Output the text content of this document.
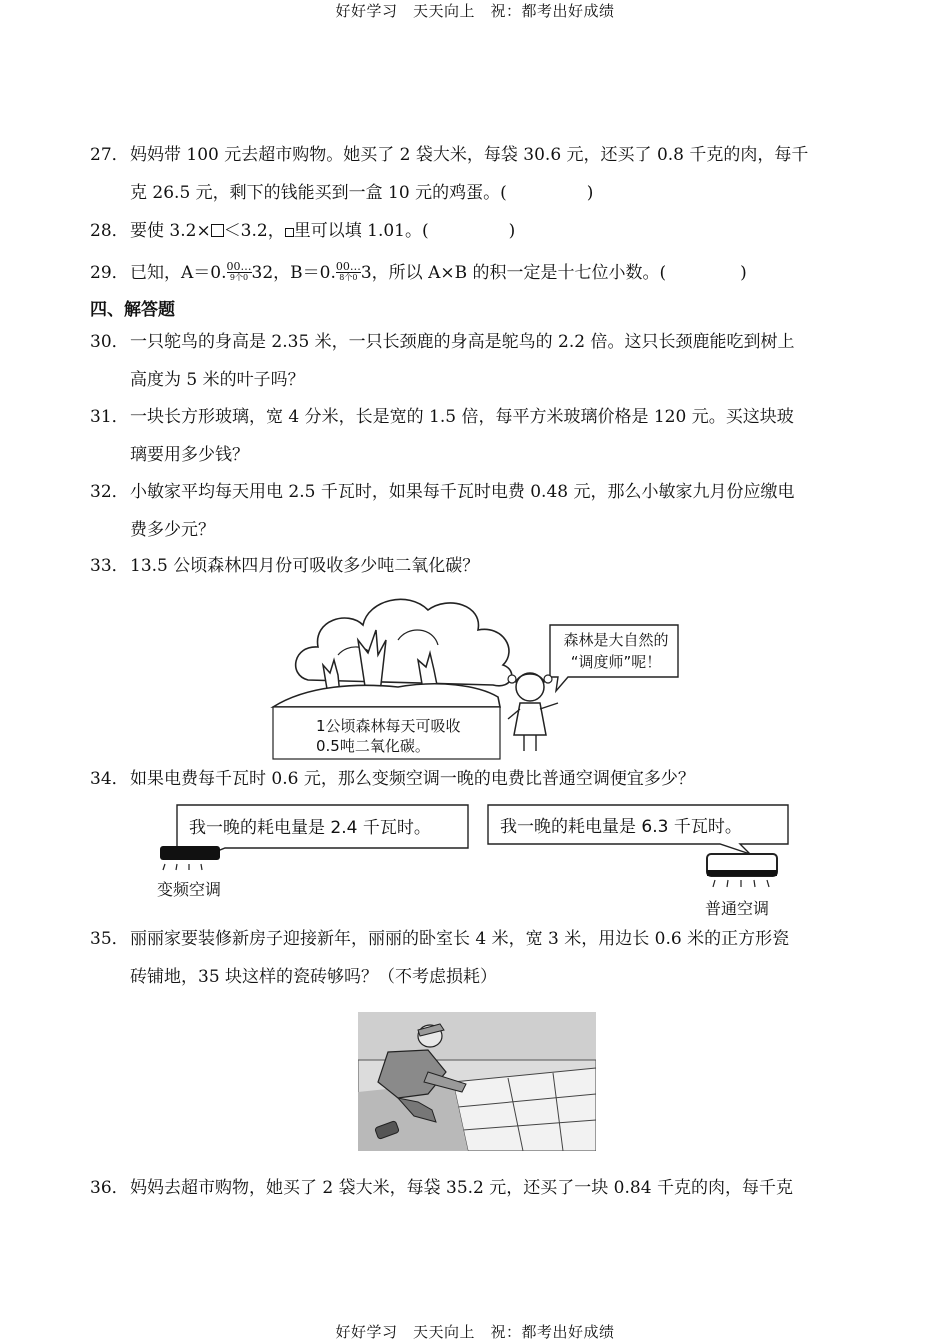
好好学习　天天向上　祝：都考出好成绩
好好学习　天天向上　祝：都考出好成绩
27．妈妈带 100 元去超市购物。她买了 2 袋大米，每袋 30.6 元，还买了 0.8 千克的肉，每千
克 26.5 元，剩下的钱能买到一盒 10 元的鸡蛋。(	)
28．要使 3.2× ＜3.2， 里可以填 1.01。(	)
29．已知，A＝0. $\frac{00\dots}{\text{9个0}} 32$，B＝0. $\frac{00\dots}{\text{8个0}} 3$，所以 A×B 的积一定是十七位小数。(	)
四、解答题
30．一只鸵鸟的身高是 2.35 米，一只长颈鹿的身高是鸵鸟的 2.2 倍。这只长颈鹿能吃到树上
高度为 5 米的叶子吗？
31．一块长方形玻璃，宽 4 分米，长是宽的 1.5 倍，每平方米玻璃价格是 120 元。买这块玻
璃要用多少钱？
32．小敏家平均每天用电 2.5 千瓦时，如果每千瓦时电费 0.48 元，那么小敏家九月份应缴电
费多少元？
33．13.5 公顷森林四月份可吸收多少吨二氧化碳？
1公顷森林每天可吸收
0.5吨二氧化碳。
森林是大自然的
“调度师”呢！
34．如果电费每千瓦时 0.6 元，那么变频空调一晚的电费比普通空调便宜多少？
我一晚的耗电量是 2.4 千瓦时。	我一晚的耗电量是 6.3 千瓦时。
变频空调
普通空调
35．丽丽家要装修新房子迎接新年，丽丽的卧室长 4 米，宽 3 米，用边长 0.6 米的正方形瓷
砖铺地，35 块这样的瓷砖够吗？（不考虑损耗）
36．妈妈去超市购物，她买了 2 袋大米，每袋 35.2 元，还买了一块 0.84 千克的肉，每千克
